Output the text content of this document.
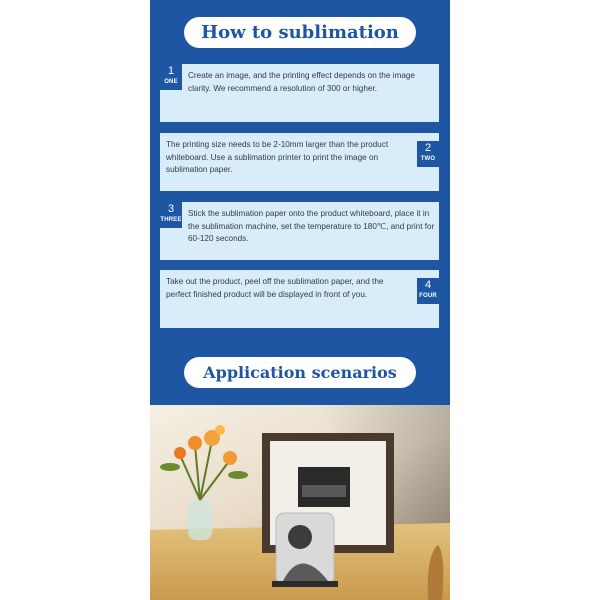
How to sublimation
1
ONE
Create an image, and the printing effect depends on the image clarity. We recommend a resolution of 300 or higher.
2
TWO
The printing size needs to be 2-10mm larger than the product whiteboard. Use a sublimation printer to print the image on sublimation paper.
3
THREE
Stick the sublimation paper onto the product whiteboard, place it in the sublimation machine, set the temperature to 180℃, and print for 60-120 seconds.
4
FOUR
Take out the product, peel off the sublimation paper, and the perfect finished product will be displayed in front of you.
Application scenarios
